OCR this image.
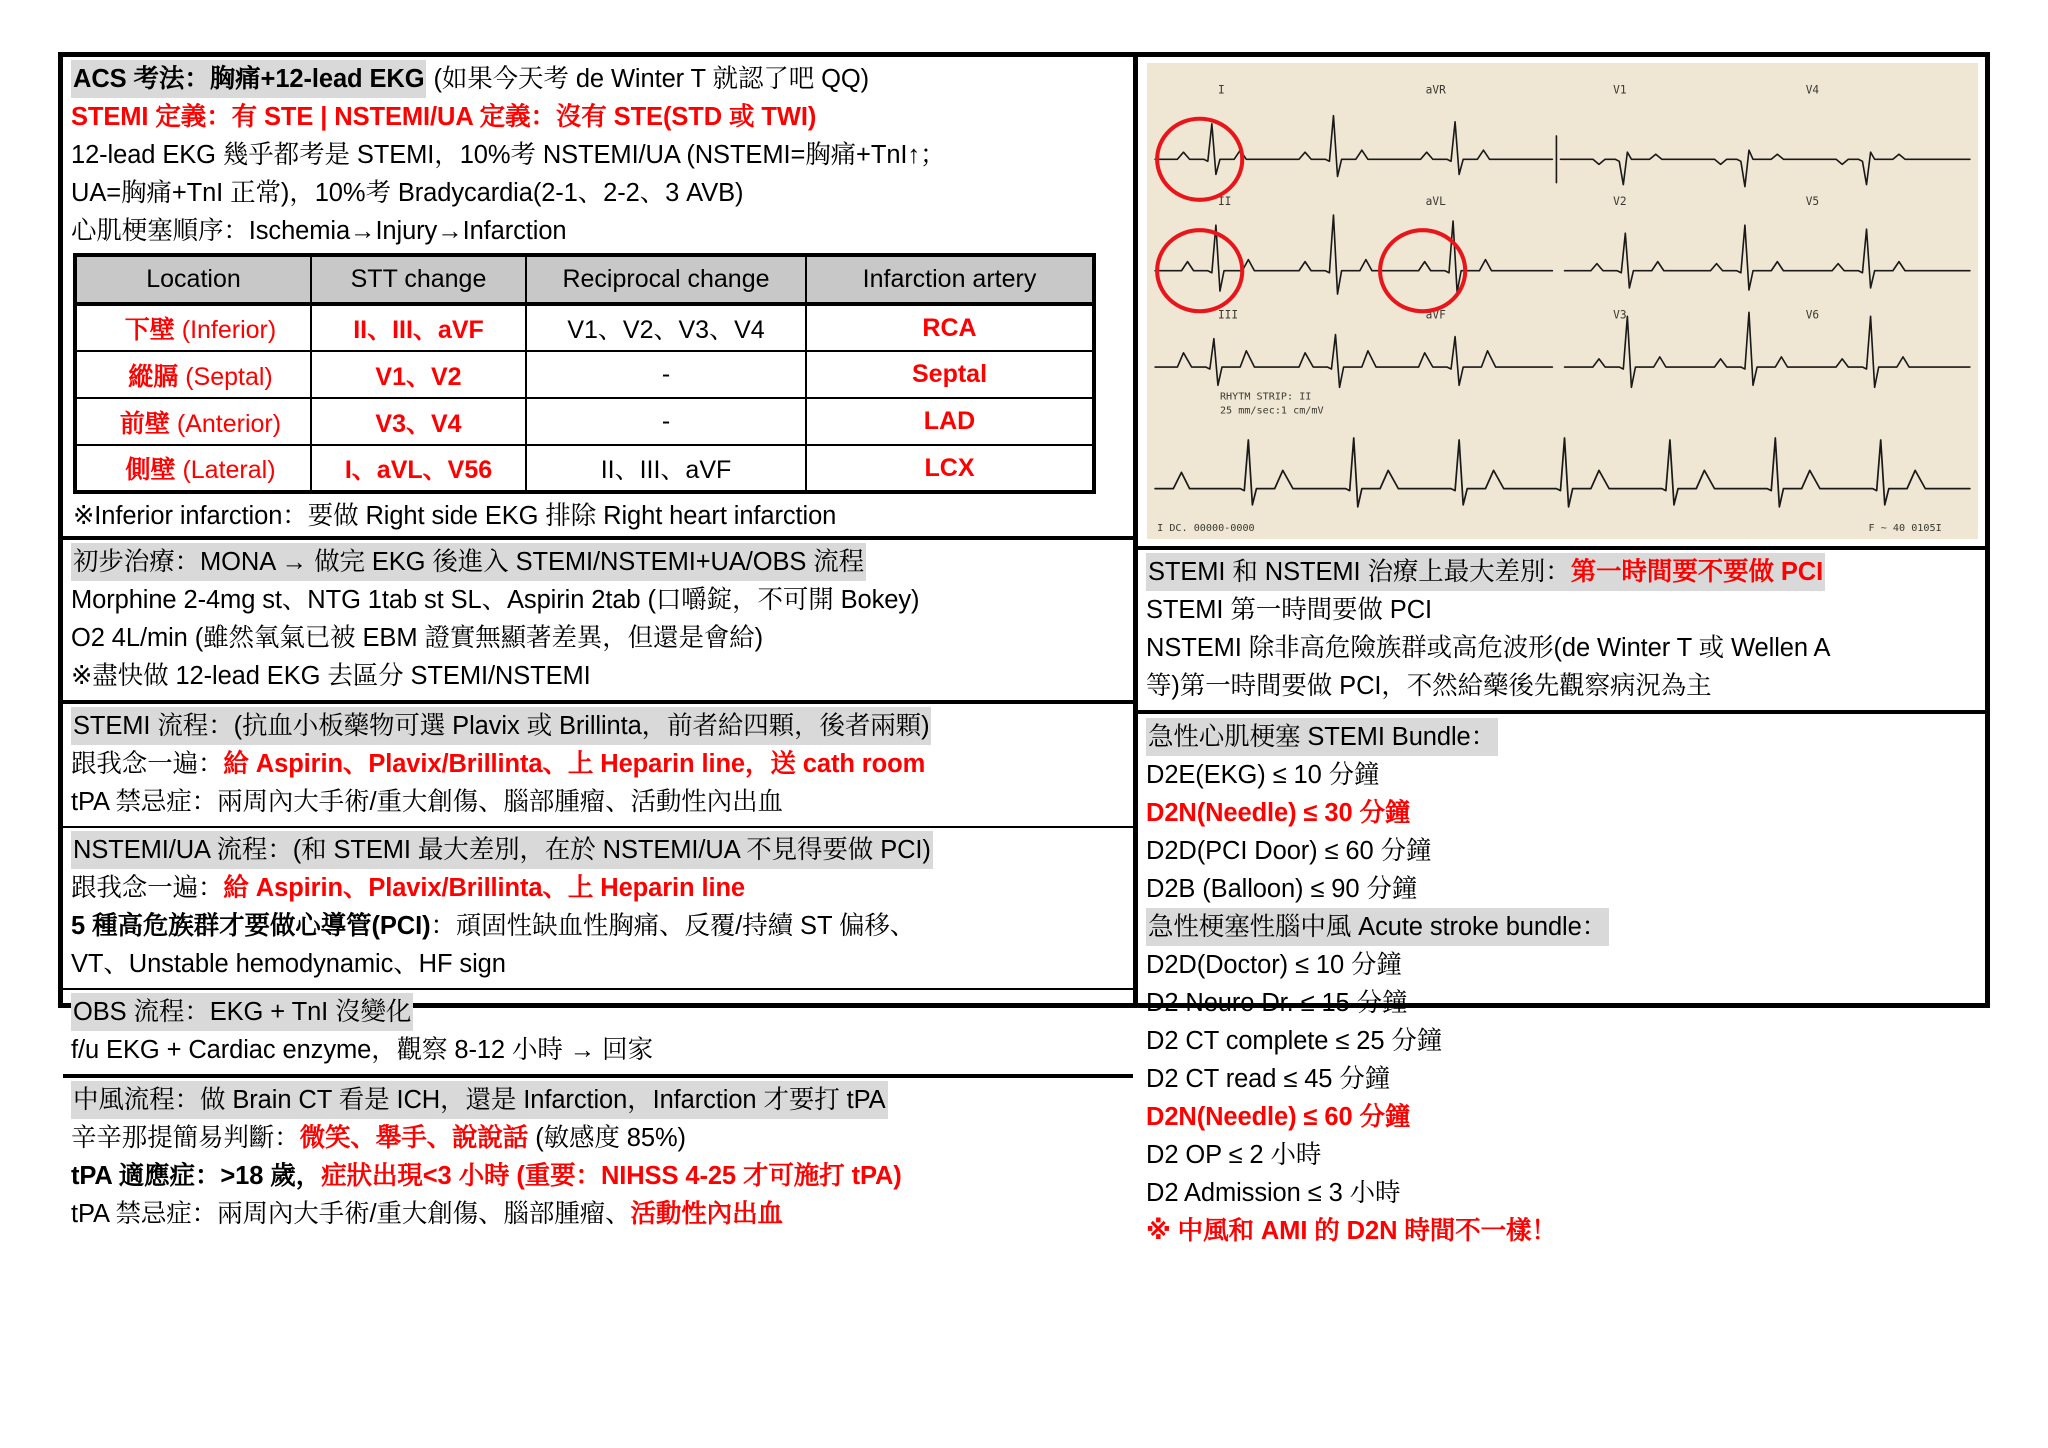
ACS 考法：胸痛+12-lead EKG (如果今天考 de Winter T 就認了吧 QQ)
STEMI 定義：有 STE | NSTEMI/UA 定義：沒有 STE(STD 或 TWI)
12-lead EKG 幾乎都考是 STEMI，10%考 NSTEMI/UA (NSTEMI=胸痛+TnI↑；
UA=胸痛+TnI 正常)，10%考 Bradycardia(2-1、2-2、3 AVB)
心肌梗塞順序：Ischemia→Injury→Infarction
Location	STT change	Reciprocal change	Infarction artery
下壁 (Inferior)	II、III、aVF	V1、V2、V3、V4	RCA
縱膈 (Septal)	V1、V2	-	Septal
前壁 (Anterior)	V3、V4	-	LAD
側壁 (Lateral)	I、aVL、V56	II、III、aVF	LCX
※Inferior infarction：要做 Right side EKG 排除 Right heart infarction
初步治療：MONA → 做完 EKG 後進入 STEMI/NSTEMI+UA/OBS 流程
Morphine 2-4mg st、NTG 1tab st SL、Aspirin 2tab (口嚼錠，不可開 Bokey)
O2 4L/min (雖然氧氣已被 EBM 證實無顯著差異，但還是會給)
※盡快做 12-lead EKG 去區分 STEMI/NSTEMI
STEMI 流程：(抗血小板藥物可選 Plavix 或 Brillinta，前者給四顆，後者兩顆)
跟我念一遍：給 Aspirin、Plavix/Brillinta、上 Heparin line，送 cath room
tPA 禁忌症：兩周內大手術/重大創傷、腦部腫瘤、活動性內出血
NSTEMI/UA 流程：(和 STEMI 最大差別，在於 NSTEMI/UA 不見得要做 PCI)
跟我念一遍：給 Aspirin、Plavix/Brillinta、上 Heparin line
5 種高危族群才要做心導管(PCI)：頑固性缺血性胸痛、反覆/持續 ST 偏移、
VT、Unstable hemodynamic、HF sign
OBS 流程：EKG + TnI 沒變化
f/u EKG + Cardiac enzyme，觀察 8-12 小時 → 回家
中風流程：做 Brain CT 看是 ICH，還是 Infarction，Infarction 才要打 tPA
辛辛那提簡易判斷：微笑、舉手、說說話 (敏感度 85%)
tPA 適應症：>18 歲，症狀出現<3 小時 (重要：NIHSS 4-25 才可施打 tPA)
tPA 禁忌症：兩周內大手術/重大創傷、腦部腫瘤、活動性內出血
I	aVR	V1	V4
II	aVL	V2	V5
III	aVF	V3	V6
RHYTM STRIP: II
25 mm/sec:1 cm/mV
I DC. 00000-0000	F ~ 40 0105I
STEMI 和 NSTEMI 治療上最大差別：第一時間要不要做 PCI
STEMI 第一時間要做 PCI
NSTEMI 除非高危險族群或高危波形(de Winter T 或 Wellen A
等)第一時間要做 PCI，不然給藥後先觀察病況為主
急性心肌梗塞 STEMI Bundle：
D2E(EKG) ≤ 10 分鐘
D2N(Needle) ≤ 30 分鐘
D2D(PCI Door) ≤ 60 分鐘
D2B (Balloon) ≤ 90 分鐘
急性梗塞性腦中風 Acute stroke bundle：
D2D(Doctor) ≤ 10 分鐘
D2 Neuro Dr. ≤ 15 分鐘
D2 CT complete ≤ 25 分鐘
D2 CT read ≤ 45 分鐘
D2N(Needle) ≤ 60 分鐘
D2 OP ≤ 2 小時
D2 Admission ≤ 3 小時
※ 中風和 AMI 的 D2N 時間不一樣！
